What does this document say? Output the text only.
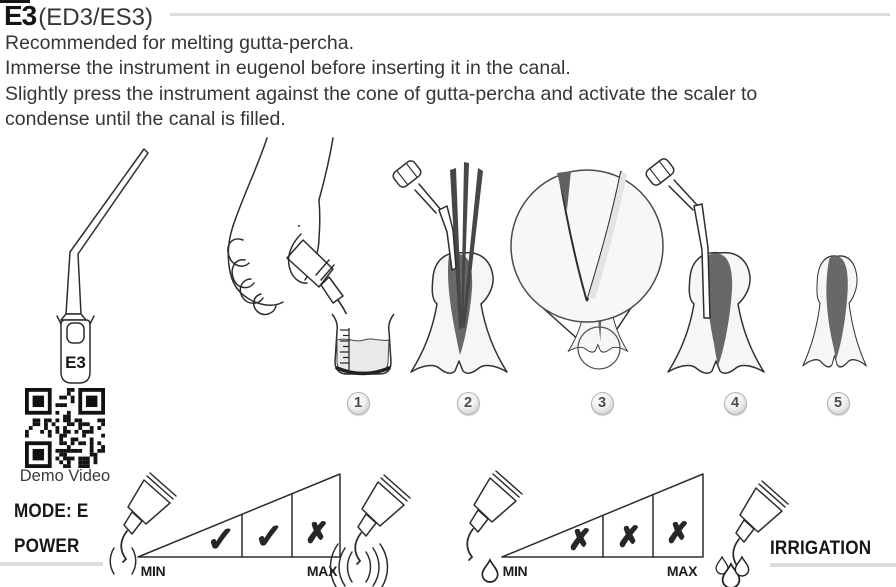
E3(ED3/ES3)
Recommended for melting gutta-percha.
Immerse the instrument in eugenol before inserting it in the canal.
Slightly press the instrument against the cone of gutta-percha and activate the scaler to
condense until the canal is filled.
E3
Demo Video
1	2	3	4	5
MODE: E
POWER
MIN	MAX	MIN	MAX
IRRIGATION
✓ ✓ ✗	✗ ✗ ✗
